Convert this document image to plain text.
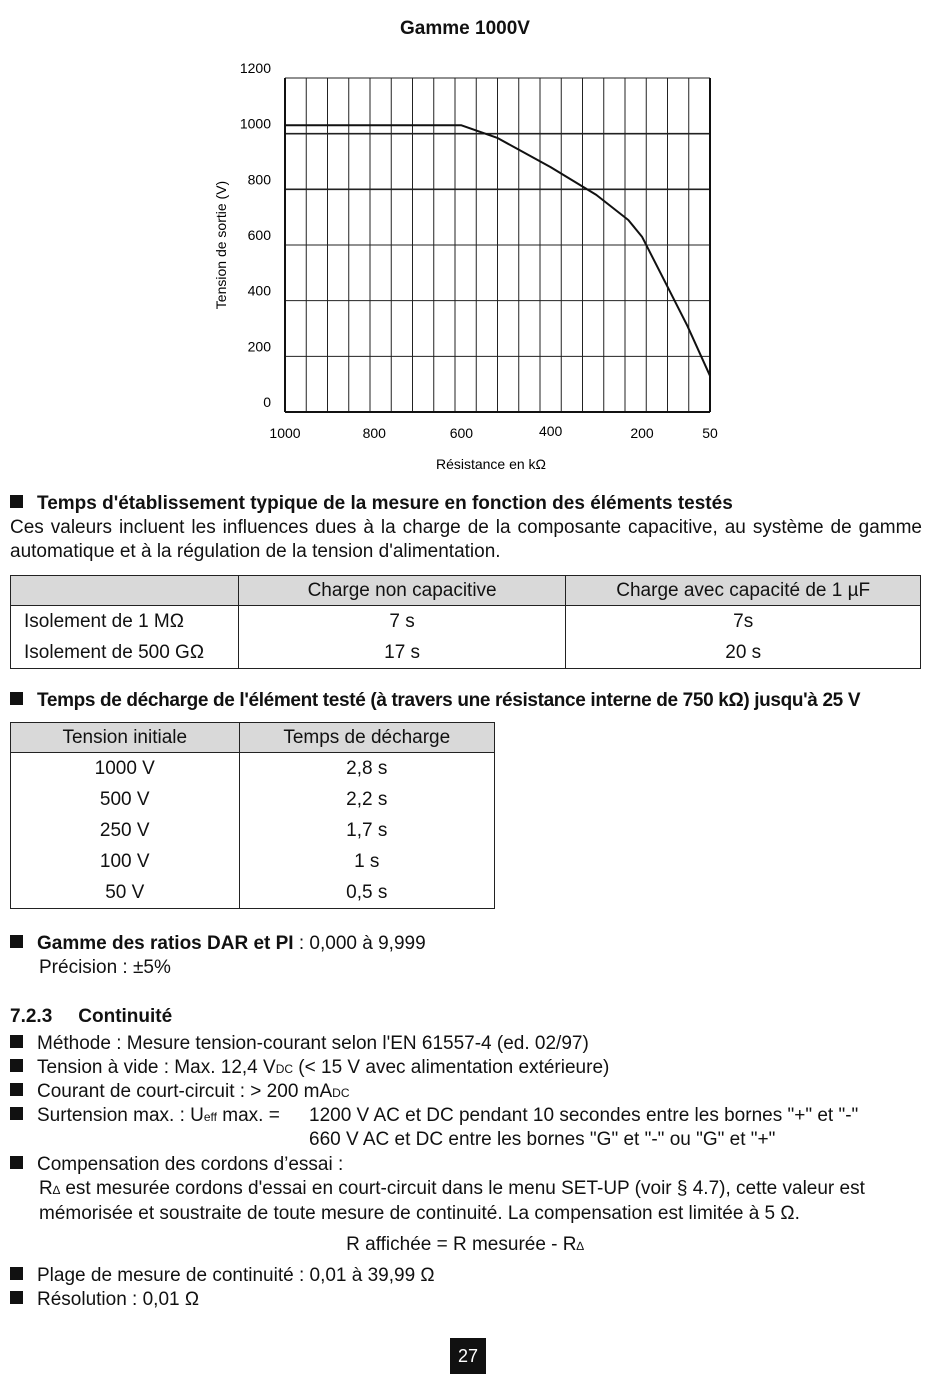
Gamme 1000V
0
200
400
600
800
1000
1200
1000	800	600	400	200	50
Tension de sortie (V)
Résistance en kΩ
Temps d'établissement typique de la mesure en fonction des éléments testés
Ces valeurs incluent les influences dues à la charge de la composante capacitive, au système de gamme automatique et à la régulation de la tension d'alimentation.
	Charge non capacitive	Charge avec capacité de 1 µF
Isolement de 1 MΩ	7 s	7s
Isolement de 500 GΩ	17 s	20 s
Temps de décharge de l'élément testé (à travers une résistance interne de 750 kΩ) jusqu'à 25 V
Tension initiale	Temps de décharge
1000 V	2,8 s
500 V	2,2 s
250 V	1,7 s
100 V	1 s
50 V	0,5 s
Gamme des ratios DAR et PI : 0,000 à 9,999
Précision : ±5%
7.2.3 Continuité
Méthode : Mesure tension-courant selon l'EN 61557-4 (ed. 02/97)
Tension à vide : Max. 12,4 VDC (< 15 V avec alimentation extérieure)
Courant de court-circuit : > 200 mADC
Surtension max. : Ueff max. = 1200 V AC et DC pendant 10 secondes entre les bornes "+" et "-"
660 V AC et DC entre les bornes "G" et "-" ou "G" et "+"
Compensation des cordons d’essai :
R∆ est mesurée cordons d'essai en court-circuit dans le menu SET-UP (voir § 4.7), cette valeur est mémorisée et soustraite de toute mesure de continuité. La compensation est limitée à 5 Ω.
R affichée = R mesurée - R∆
Plage de mesure de continuité : 0,01 à 39,99 Ω
Résolution : 0,01 Ω
27
